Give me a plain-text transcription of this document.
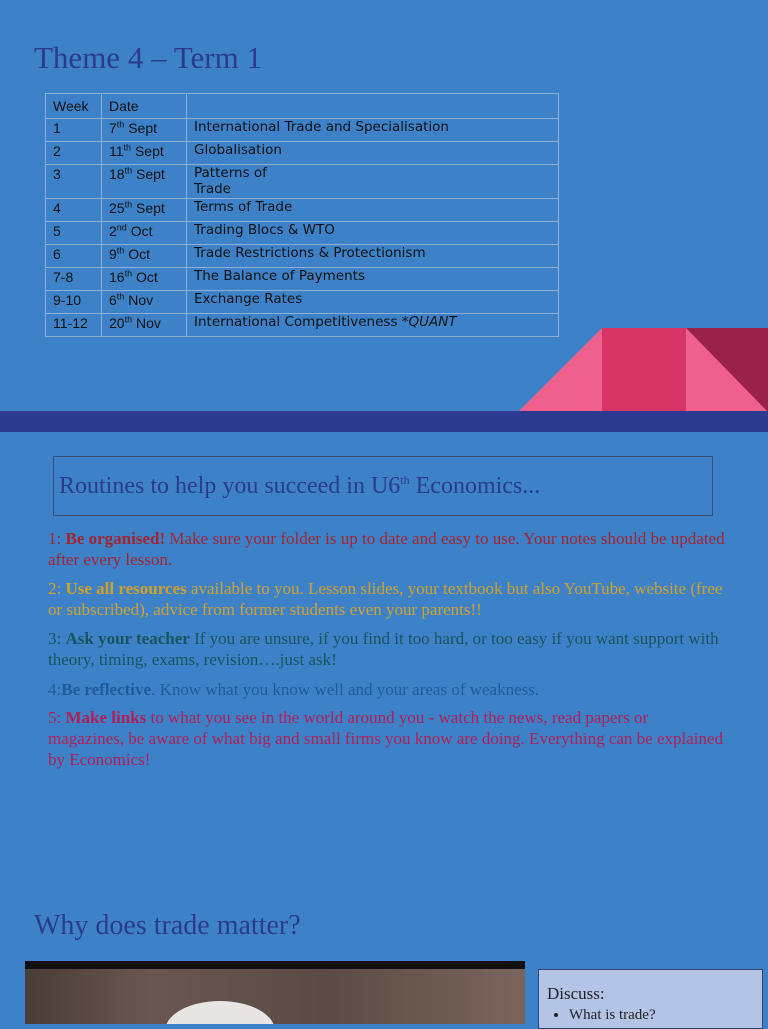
Theme 4 – Term 1
Week	Date	
1	7th Sept	International Trade and Specialisation
2	11th Sept	Globalisation
3	18th Sept	Patterns of
Trade
4	25th Sept	Terms of Trade
5	2nd Oct	Trading Blocs & WTO
6	9th Oct	Trade Restrictions & Protectionism
7-8	16th Oct	The Balance of Payments
9-10	6th Nov	Exchange Rates
11-12	20th Nov	International Competitiveness *QUANT
Routines to help you succeed in U6th Economics...

1: Be organised! Make sure your folder is up to date and easy to use. Your notes should be updated after every lesson.

2: Use all resources available to you. Lesson slides, your textbook but also YouTube, website (free or subscribed), advice from former students even your parents!!

3: Ask your teacher If you are unsure, if you find it too hard, or too easy if you want support with theory, timing, exams, revision….just ask!

4:Be reflective. Know what you know well and your areas of weakness.

5: Make links to what you see in the world around you - watch the news, read papers or magazines, be aware of what big and small firms you know are doing. Everything can be explained by Economics!

Why does trade matter?
Discuss:
• What is trade?
